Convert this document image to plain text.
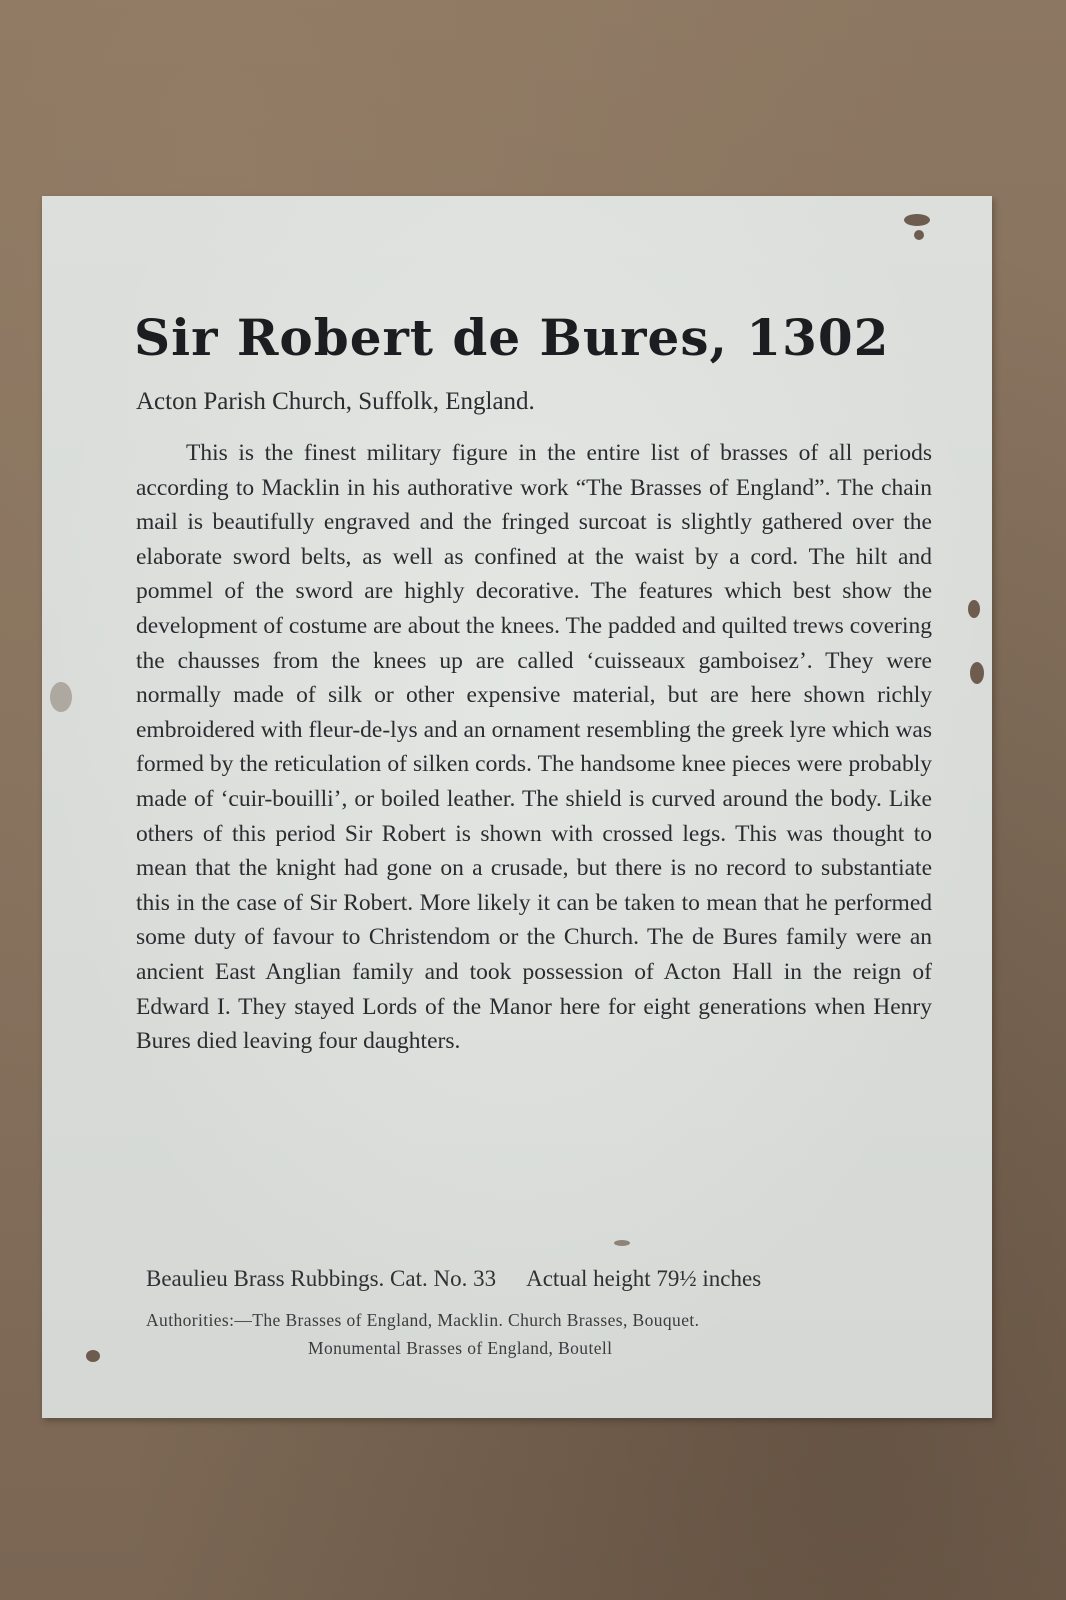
Sir Robert de Bures, 1302
Acton Parish Church, Suffolk, England.

This is the finest military figure in the entire list of brasses of all periods according to Macklin in his authorative work “The Brasses of England”. The chain mail is beautifully engraved and the fringed surcoat is slightly gathered over the elaborate sword belts, as well as confined at the waist by a cord. The hilt and pommel of the sword are highly decorative. The features which best show the development of costume are about the knees. The padded and quilted trews covering the chausses from the knees up are called ‘cuisseaux gamboisez’. They were normally made of silk or other expensive material, but are here shown richly embroidered with fleur-de-lys and an ornament resembling the greek lyre which was formed by the reticulation of silken cords. The handsome knee pieces were probably made of ‘cuir-bouilli’, or boiled leather. The shield is curved around the body. Like others of this period Sir Robert is shown with crossed legs. This was thought to mean that the knight had gone on a crusade, but there is no record to substantiate this in the case of Sir Robert. More likely it can be taken to mean that he performed some duty of favour to Christendom or the Church. The de Bures family were an ancient East Anglian family and took possession of Acton Hall in the reign of Edward I. They stayed Lords of the Manor here for eight generations when Henry Bures died leaving four daughters.

Beaulieu Brass Rubbings. Cat. No. 33 Actual height 79½ inches
Authorities:—The Brasses of England, Macklin. Church Brasses, Bouquet.
Monumental Brasses of England, Boutell
